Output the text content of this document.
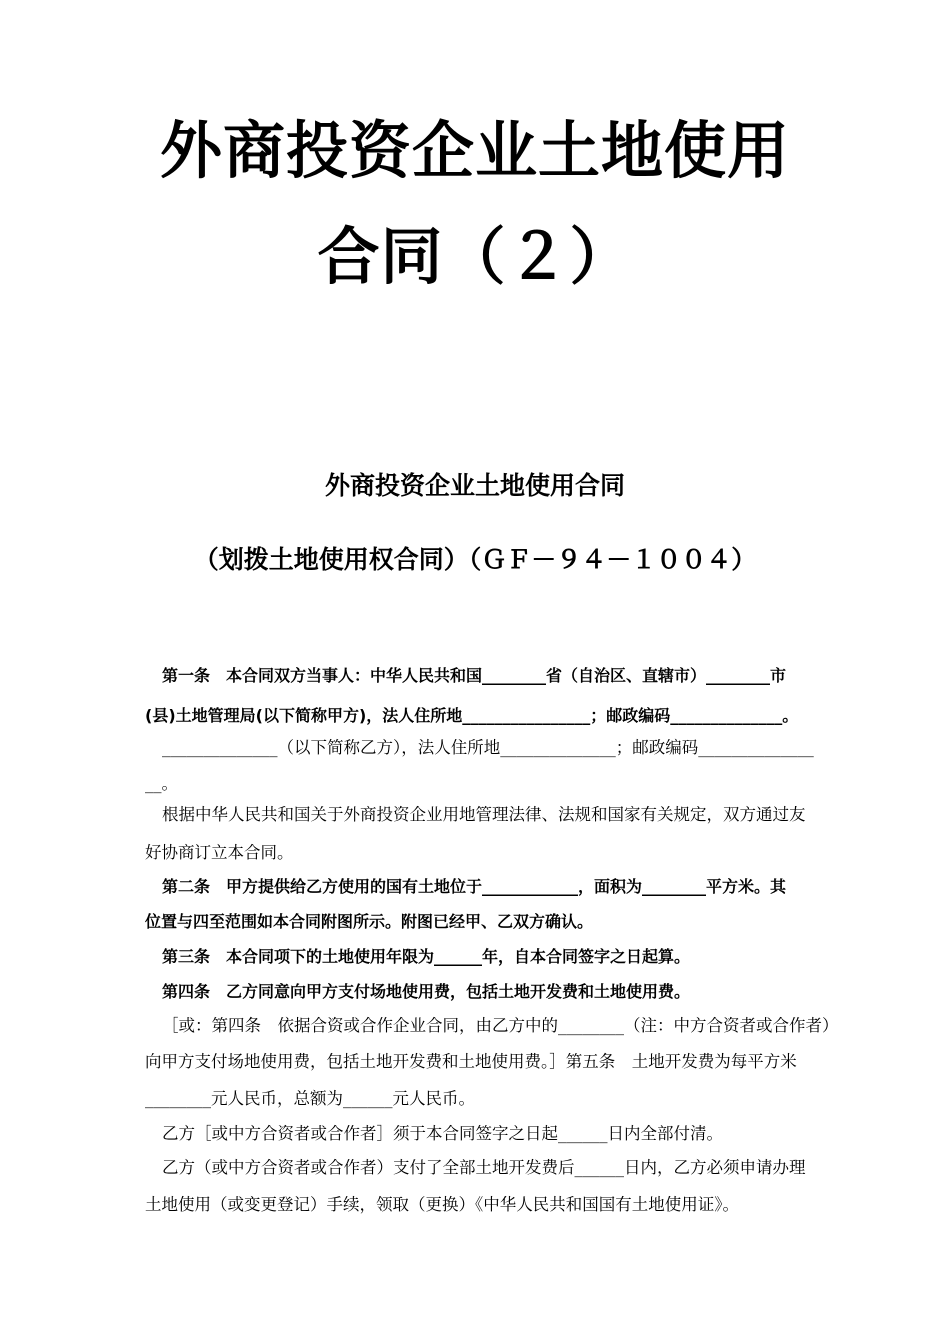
外商投资企业土地使用
合同（２）
外商投资企业土地使用合同
（划拨土地使用权合同）（ＧＦ－９４－１００４）
第一条　本合同双方当事人：中华人民共和国________省（自治区、直辖市）________市
(县)土地管理局(以下简称甲方)，法人住所地________________；邮政编码______________。
______________（以下简称乙方），法人住所地______________；邮政编码______________
__。
根据中华人民共和国关于外商投资企业用地管理法律、法规和国家有关规定，双方通过友
好协商订立本合同。
第二条　甲方提供给乙方使用的国有土地位于____________，面积为________平方米。其
位置与四至范围如本合同附图所示。附图已经甲、乙双方确认。
第三条　本合同项下的土地使用年限为______年，自本合同签字之日起算。
第四条　乙方同意向甲方支付场地使用费，包括土地开发费和土地使用费。
［或：第四条　依据合资或合作企业合同，由乙方中的________（注：中方合资者或合作者）
向甲方支付场地使用费，包括土地开发费和土地使用费。］第五条　土地开发费为每平方米
________元人民币，总额为______元人民币。
乙方［或中方合资者或合作者］须于本合同签字之日起______日内全部付清。
乙方（或中方合资者或合作者）支付了全部土地开发费后______日内，乙方必须申请办理
土地使用（或变更登记）手续，领取（更换）《中华人民共和国国有土地使用证》。
